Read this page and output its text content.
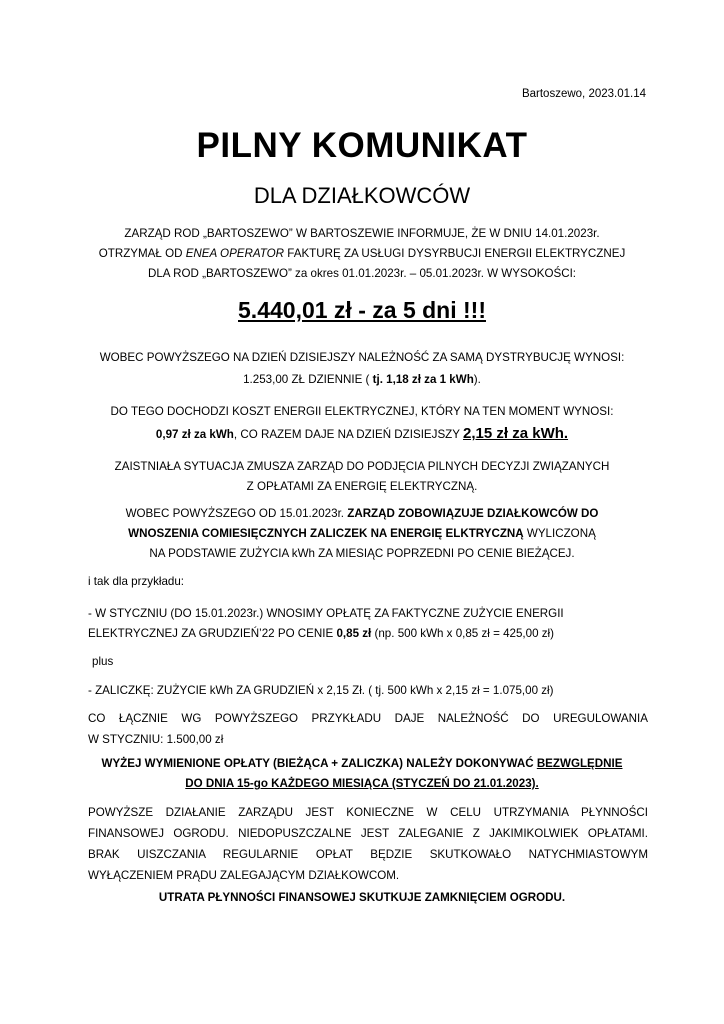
Bartoszewo, 2023.01.14
PILNY KOMUNIKAT
DLA DZIAŁKOWCÓW
ZARZĄD ROD „BARTOSZEWO” W BARTOSZEWIE INFORMUJE, ŻE W DNIU 14.01.2023r.
OTRZYMAŁ OD ENEA OPERATOR FAKTURĘ ZA USŁUGI DYSYRBUCJI ENERGII ELEKTRYCZNEJ
DLA ROD „BARTOSZEWO” za okres 01.01.2023r. – 05.01.2023r. W WYSOKOŚCI:
5.440,01 zł - za 5 dni !!!
WOBEC POWYŻSZEGO NA DZIEŃ DZISIEJSZY NALEŻNOŚĆ ZA SAMĄ DYSTRYBUCJĘ WYNOSI:
1.253,00 ZŁ DZIENNIE ( tj. 1,18 zł za 1 kWh).
DO TEGO DOCHODZI KOSZT ENERGII ELEKTRYCZNEJ, KTÓRY NA TEN MOMENT WYNOSI:
0,97 zł za kWh, CO RAZEM DAJE NA DZIEŃ DZISIEJSZY 2,15 zł za kWh.
ZAISTNIAŁA SYTUACJA ZMUSZA ZARZĄD DO PODJĘCIA PILNYCH DECYZJI ZWIĄZANYCH
Z OPŁATAMI ZA ENERGIĘ ELEKTRYCZNĄ.
WOBEC POWYŻSZEGO OD 15.01.2023r. ZARZĄD ZOBOWIĄZUJE DZIAŁKOWCÓW DO
WNOSZENIA COMIESIĘCZNYCH ZALICZEK NA ENERGIĘ ELKTRYCZNĄ WYLICZONĄ
NA PODSTAWIE ZUŻYCIA kWh ZA MIESIĄC POPRZEDNI PO CENIE BIEŻĄCEJ.
i tak dla przykładu:
- W STYCZNIU (DO 15.01.2023r.) WNOSIMY OPŁATĘ ZA FAKTYCZNE ZUŻYCIE ENERGII
ELEKTRYCZNEJ ZA GRUDZIEŃ’22 PO CENIE 0,85 zł (np. 500 kWh x 0,85 zł = 425,00 zł)
plus
- ZALICZKĘ: ZUŻYCIE kWh ZA GRUDZIEŃ x 2,15 Zł. ( tj. 500 kWh x 2,15 zł = 1.075,00 zł)
CO ŁĄCZNIE WG POWYŻSZEGO PRZYKŁADU DAJE NALEŻNOŚĆ DO UREGULOWANIA
W STYCZNIU: 1.500,00 zł
WYŻEJ WYMIENIONE OPŁATY (BIEŻĄCA + ZALICZKA) NALEŻY DOKONYWAĆ BEZWGLĘDNIE
DO DNIA 15-go KAŻDEGO MIESIĄCA (STYCZEŃ DO 21.01.2023).
POWYŻSZE DZIAŁANIE ZARZĄDU JEST KONIECZNE W CELU UTRZYMANIA PŁYNNOŚCI
FINANSOWEJ OGRODU. NIEDOPUSZCZALNE JEST ZALEGANIE Z JAKIMIKOLWIEK OPŁATAMI.
BRAK UISZCZANIA REGULARNIE OPŁAT BĘDZIE SKUTKOWAŁO NATYCHMIASTOWYM
WYŁĄCZENIEM PRĄDU ZALEGAJĄCYM DZIAŁKOWCOM.
UTRATA PŁYNNOŚCI FINANSOWEJ SKUTKUJE ZAMKNIĘCIEM OGRODU.
